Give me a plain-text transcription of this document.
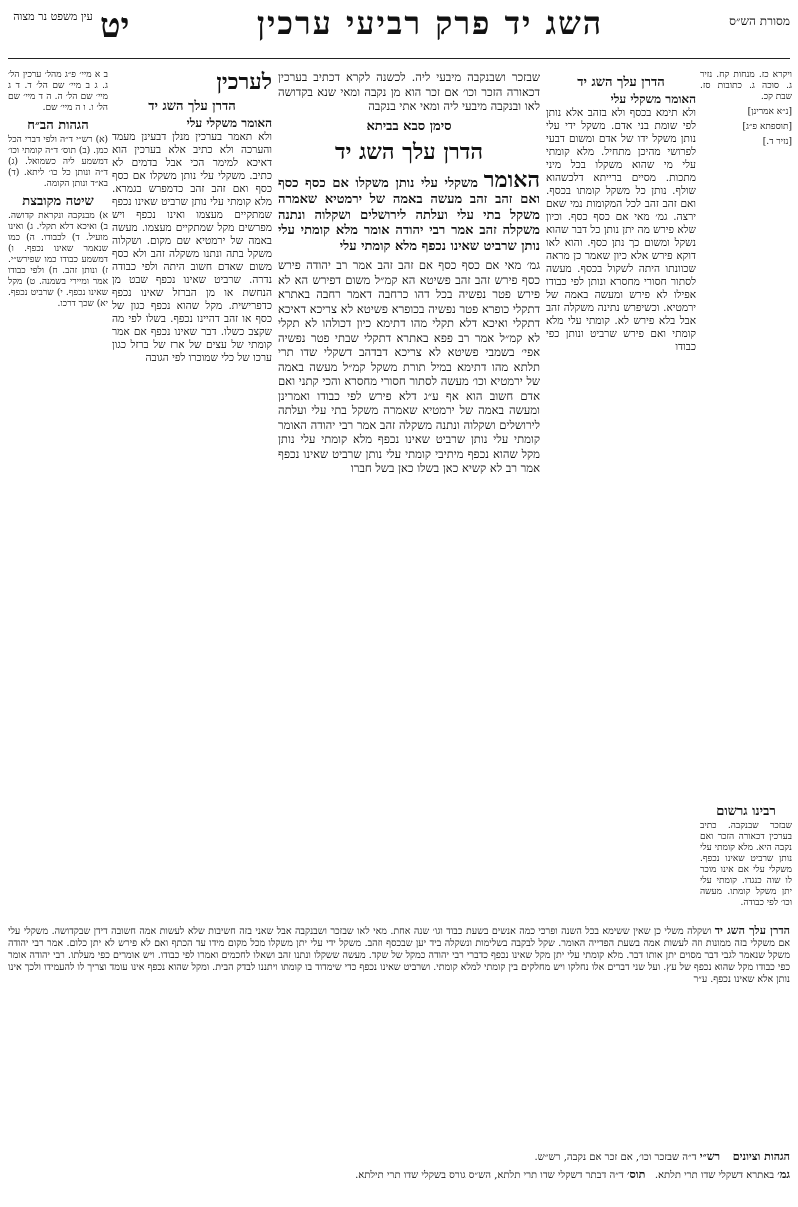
מסורת הש״ס
השג יד פרק רביעי ערכין
יט
עין משפט נר מצוה

ויקרא כז. מנחות קח. נזיר ג. סוכה ג. כתובות סז. שבת קכ.

[נ״א אמרינן]

[תוספתא פ״ג]

[נזיר ד.]

רבינו גרשום

שבזכר שבנקבה. כתיב בערכין דכאורה הזכר ואם נקבה היא. מלא קומתי עלי נותן שרביט שאינו נכפף. משקלי עלי אם אינו מוכר לו שוה כנגדו. קומתי עלי יתן משקל קומתו. מעשה וכו׳ לפי כבודה.

הדרן עלך השג יד
האומר משקלי עלי

ולא תימא בכסף ולא בזהב אלא נותן לפי שומת בני אדם. משקל ידי עלי נותן משקל ידו של אדם ומשום דבעי לפרושי מהיכן מתחיל. מלא קומתי עלי מי שהוא משקלו בכל מיני מתכות. מסיים ברייתא דלכשהוא שולף. נותן כל משקל קומתו בכסף. ואם זהב זהב לכל המקומות נמי שאם ירצה. גמ׳ מאי אם כסף כסף. וכיון שלא פירש מה יתן נותן כל דבר שהוא נשקל ומשום כך נתן כסף. והוא לאו דוקא פירש אלא כיון שאמר כן מראה שכוונתו היתה לשקול בכסף. מעשה לסתור חסורי מחסרא ונותן לפי כבודו אפילו לא פירש ומעשה באמה של ירמטיא. וכשיפרש נתינה משקלה זהב אבל בלא פירש לא. קומתי עלי מלא קומתי ואם פירש שרביט ונותן כפי כבודו

שבזכר ושבנקבה מיבעי ליה. לכשנה לקרא דכתיב בערכין דכאורה הזכר וכו׳ אם זכר הוא מן נקבה ומאי שנא בקדושה לאו ובנקבה מיבעי ליה ומאי אתי בנקבה

סימן סבא בביתא
הדרן עלך השג יד

האומר משקלי עלי נותן משקלו אם כסף כסף ואם זהב זהב מעשה באמה של ירמטיא שאמרה משקל בתי עלי ועלתה לירושלים ושקלוה ונתנה משקלה זהב אמר רבי יהודה אומר מלא קומתי עלי נותן שרביט שאינו נכפף מלא קומתי עלי

גמ׳ מאי אם כסף כסף אם זהב זהב אמר רב יהודה פירש כסף פירש זהב זהב פשיטא הא קמ״ל משום דפירש הא לא פירש פטר נפשיה בכל דהו כרחבה דאמר רחבה באתרא דתקלי כופרא פטר נפשיה בכופרא פשיטא לא צריכא דאיכא דתקלי ואיכא דלא תקלי מהו דתימא כיון דכולהו לא תקלי לא קמ״ל אמר רב פפא באתרא דתקלי שבתי פטר נפשיה אפי׳ בשמבי פשיטא לא צריכא דבדהב דשקלי שדו תרי תלתא מהו דתימא במיל תורת משקל קמ״ל מעשה באמה של ירמטיא וכו׳ מעשה לסתור חסורי מחסרא והכי קתני ואם אדם חשוב הוא אף ע״ג דלא פירש לפי כבודו ואמרינן ומעשה באמה של ירמטיא שאמרה משקל בתי עלי ועלתה לירושלים ושקלוה ונתנה משקלה זהב אמר רבי יהודה האומר קומתי עלי נותן שרביט שאינו נכפף מלא קומתי עלי נותן מקל שהוא נכפף מיתיבי קומתי עלי נותן שרביט שאינו נכפף אמר רב לא קשיא כאן בשלו כאן בשל חברו

לערכין
הדרן עלך השג יד
האומר משקלי עלי

ולא תאמר בערכין מנלן דבעינן מעמד והערכה ולא כתיב אלא בערכין הוא דאיכא למימר הכי אבל בדמים לא כתיב. משקלי עלי נותן משקלו אם כסף כסף ואם זהב זהב כדמפרש בגמרא. מלא קומתי עלי נותן שרביט שאינו נכפף שמתקיים מעצמו ואינו נכפף ויש מפרשים מקל שמתקיים מעצמו. מעשה באמה של ירמטיא שם מקום. ושקלוה משקל בתה ונתנו משקלה זהב ולא כסף משום שאדם חשוב היתה ולפי כבודה נדרה. שרביט שאינו נכפף שבט מן הנחשת או מן הברזל שאינו נכפף כדפרישית. מקל שהוא נכפף כגון של כסף או זהב דהיינו נכפף. בשלו לפי מה שקצב כשלו. דבר שאינו נכפף אם אמר קומתי של עצים של ארז של ברזל כגון ערכו של כלי שמוכרו לפי הגובה

ב א מיי׳ פ״ג מהל׳ ערכין הל׳ ג. ג ב מיי׳ שם הל׳ ד. ד ג מיי׳ שם הל׳ ה. ה ד מיי׳ שם הל׳ ו. ו ה מיי׳ שם.

הגהות הב״ח

(א) רש״י ד״ה ולפי דברי הכל כמן. (ב) תוס׳ ד״ה קומתי וכו׳ דמשמע ליה כשמואל. (ג) ד״ה ונותן כל כו׳ ליתא. (ד) בא״ד ונותן הקומה.

שיטה מקובצת

א) מבנקבה ונקראת קדושה. ב) ואיכא דלא תקלי. ג) ואינו מועיל. ד) לכבודו. ה) כמו שנאמר שאינו נכפף. ו) דמשמע כבודו כמו שפירש״י. ז) ונותן זהב. ח) ולפי כבודו אמר ומיירי בשמנה. ט) מקל שאינו נכפף. י) שרביט נכפף. יא) שכך דרכו.

הדרן עלך השג יד ושקלה משלי כן שאין ששימא בכל השנה ופרכי כמה אנשים בשעת כבוד וגו׳ שנה אחת. מאי לאו שבזכר ושבנקבה אבל שאני בזה חשיבות שלא לעשות אמה חשובה דידן שבקדושה. משקלי עלי אם משקלי בזה ממונות וזה לעשות אמה בשעת הפדייה האומר. שקל לבקבה בשלימות ונשקלה ביד יען שבכסף וזהב. משקל ידי עלי יתן משקלו מכל מקום מידו עד הכתף ואם לא פירש לא יתן כלום. אמר רבי יהודה משקל שנאמר לגבי דבר מסוים יתן אותו דבר. מלא קומתי עלי יתן מקל שאינו נכפף כדברי רבי יהודה כמקל של שקד. מעשה ששקלו ונתנו זהב ושאלו לחכמים ואמרו לפי כבודו. ויש אומרים כפי מעלתו. רבי יהודה אומר כפי כבודו מקל שהוא נכפף של עץ. ועל שני דברים אלו נחלקו ויש מחלקים בין קומתי למלא קומתי. ושרביט שאינו נכפף כדי שימדוד בו קומתו ויתננו לבדק הבית. ומקל שהוא נכפף אינו עומד וצריך לו להעמידו ולכך אינו נותן אלא שאינו נכפף. ע״ר

הגהות וציונים    רש״י ד״ה שבזכר וכו׳, אם זכר אם נקבה, רש״ש.

גמ׳ באתרא דשקלי שדו תרי תלתא.   תוס׳ ד״ה דבתר דשקלי שדו תרי תלתא, הש״ס גורס בשקלי שדו תרי תילתא.
